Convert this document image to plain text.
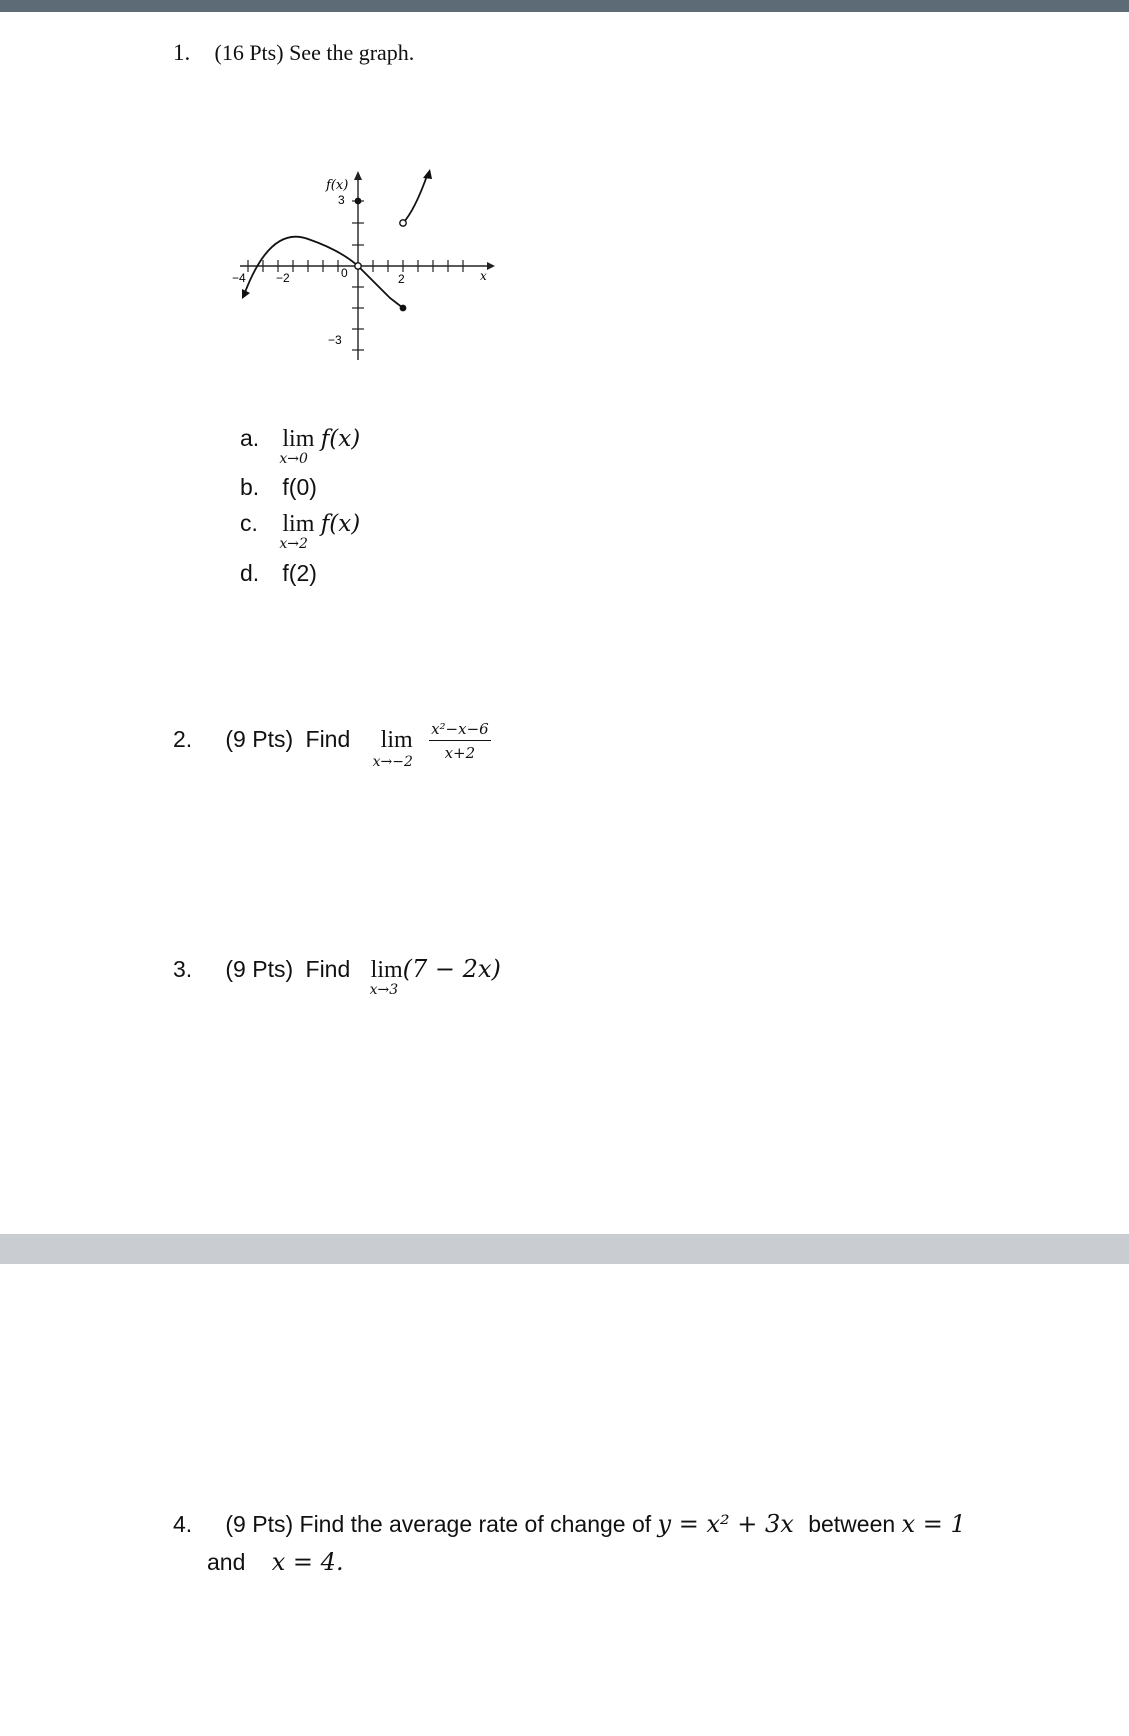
1. (16 Pts) See the graph.
f(x)
3
−3
−4	−2	0	2	x
a. lim
x→0
f(x)
b. f(0)
c. lim
x→2
f(x)
d. f(2)
2. (9 Pts) Find lim
x→−2

$\frac{\text{x²−x−6}}{x+2}$
3. (9 Pts) Find lim
x→3
(7 − 2x)
4. (9 Pts) Find the average rate of change of y = x² + 3x between x = 1
and x = 4.
